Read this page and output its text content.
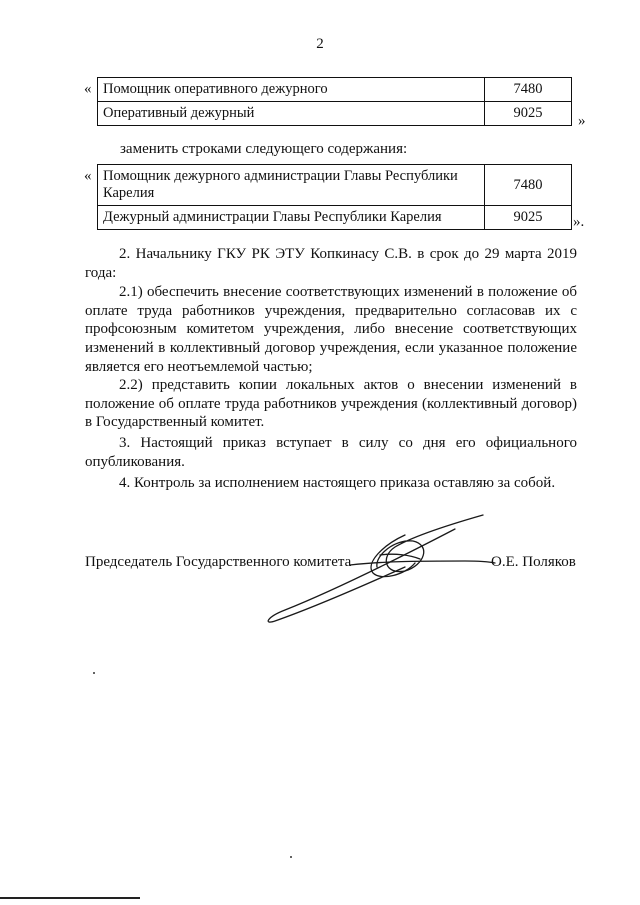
2
« Помощник оперативного дежурного	7480
Оперативный дежурный	9025 »
заменить строками следующего содержания:
« Помощник дежурного администрации Главы Республики Карелия	7480
Дежурный администрации Главы Республики Карелия	9025 ».

2. Начальнику ГКУ РК ЭТУ Копкинасу С.В. в срок до 29 марта 2019 года:

2.1) обеспечить внесение соответствующих изменений в положение об оплате труда работников учреждения, предварительно согласовав их с профсоюзным комитетом учреждения, либо внесение соответствующих изменений в коллективный договор учреждения, если указанное положение является его неотъемлемой частью;

2.2) представить копии локальных актов о внесении изменений в положение об оплате труда работников учреждения (коллективный договор) в Государственный комитет.

3. Настоящий приказ вступает в силу со дня его официального опубликования.

4. Контроль за исполнением настоящего приказа оставляю за собой.

Председатель Государственного комитета	О.Е. Поляков
